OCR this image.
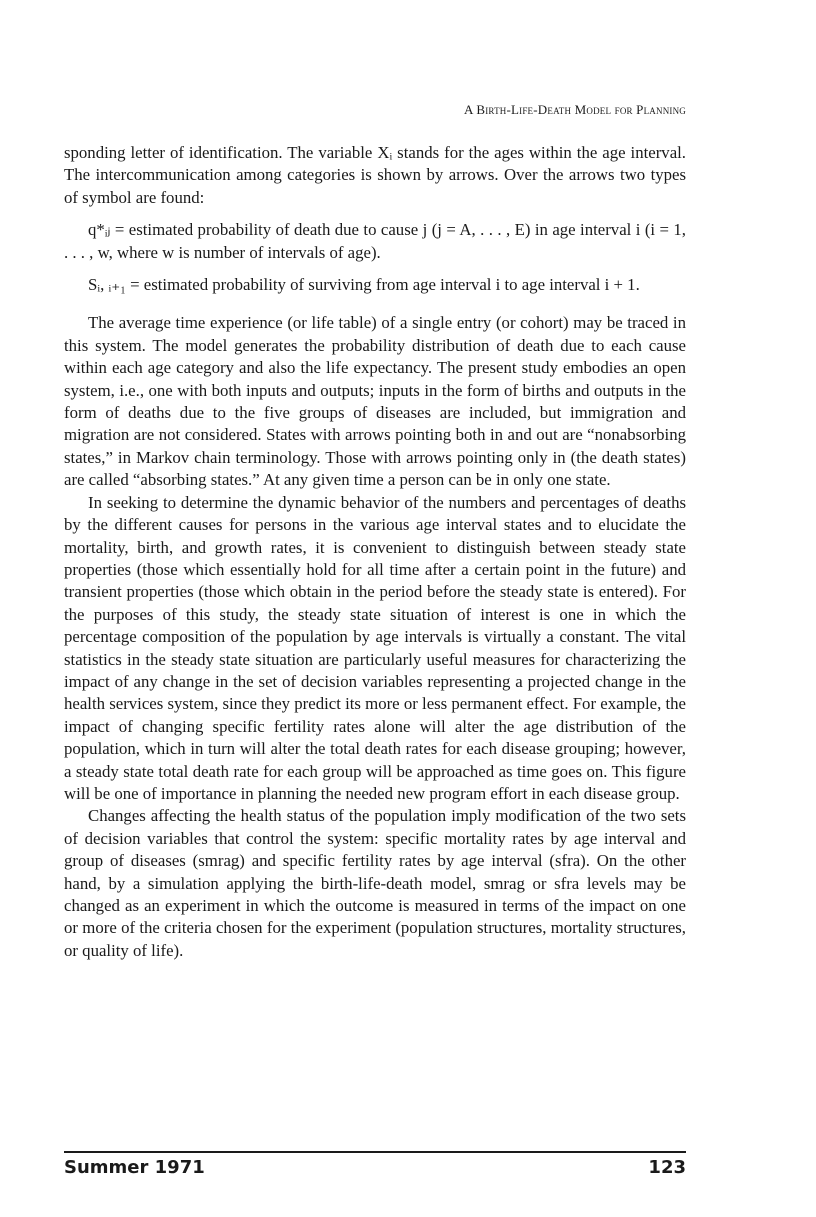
A Birth-Life-Death Model for Planning

sponding letter of identification. The variable Xᵢ stands for the ages within the age interval. The intercommunication among categories is shown by arrows. Over the arrows two types of symbol are found:

q*ᵢⱼ = estimated probability of death due to cause j (j = A, . . . , E) in age interval i (i = 1, . . . , w, where w is number of intervals of age).

Sᵢ, ᵢ₊₁ = estimated probability of surviving from age interval i to age interval i + 1.

The average time experience (or life table) of a single entry (or cohort) may be traced in this system. The model generates the probability distribution of death due to each cause within each age category and also the life expectancy. The present study embodies an open system, i.e., one with both inputs and outputs; inputs in the form of births and outputs in the form of deaths due to the five groups of diseases are included, but immigration and migration are not considered. States with arrows pointing both in and out are “nonabsorbing states,” in Markov chain terminology. Those with arrows pointing only in (the death states) are called “absorbing states.” At any given time a person can be in only one state.

In seeking to determine the dynamic behavior of the numbers and percentages of deaths by the different causes for persons in the various age interval states and to elucidate the mortality, birth, and growth rates, it is convenient to distinguish between steady state properties (those which essentially hold for all time after a certain point in the future) and transient properties (those which obtain in the period before the steady state is entered). For the purposes of this study, the steady state situation of interest is one in which the percentage composition of the population by age intervals is virtually a constant. The vital statistics in the steady state situation are particularly useful measures for characterizing the impact of any change in the set of decision variables representing a projected change in the health services system, since they predict its more or less permanent effect. For example, the impact of changing specific fertility rates alone will alter the age distribution of the population, which in turn will alter the total death rates for each disease grouping; however, a steady state total death rate for each group will be approached as time goes on. This figure will be one of importance in planning the needed new program effort in each disease group.

Changes affecting the health status of the population imply modification of the two sets of decision variables that control the system: specific mortality rates by age interval and group of diseases (smrag) and specific fertility rates by age interval (sfra). On the other hand, by a simulation applying the birth-life-death model, smrag or sfra levels may be changed as an experiment in which the outcome is measured in terms of the impact on one or more of the criteria chosen for the experiment (population structures, mortality structures, or quality of life).

Summer 1971	123
